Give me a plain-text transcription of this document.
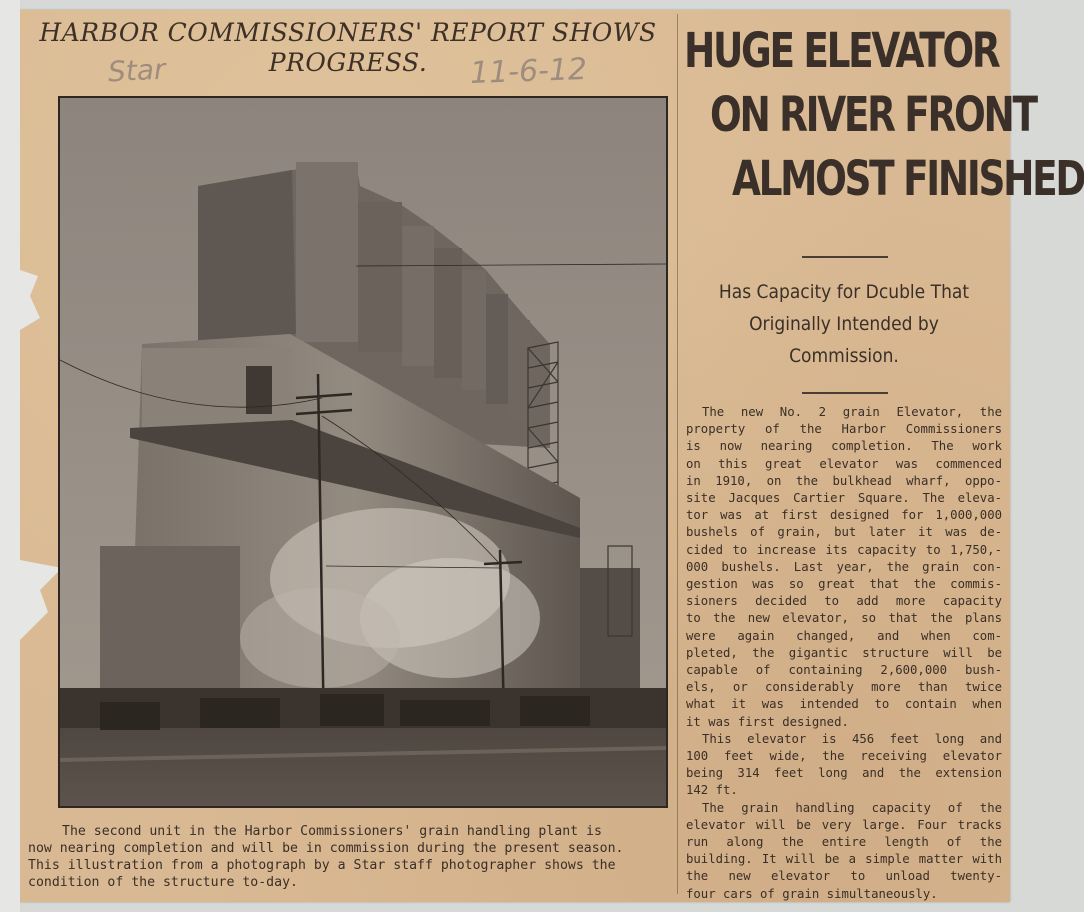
HARBOR COMMISSIONERS' REPORT SHOWS
PROGRESS.
Star	11-6-12
The second unit in the Harbor Commissioners' grain handling plant is
now nearing completion and will be in commission during the present season.
This illustration from a photograph by a Star staff photographer shows the
condition of the structure to-day.
HUGE ELEVATOR
ON RIVER FRONT
ALMOST FINISHED
Has Capacity for Dcuble That
Originally Intended by
Commission.
The new No. 2 grain Elevator, the
property of the Harbor Commissioners
is now nearing completion. The work
on this great elevator was commenced
in 1910, on the bulkhead wharf, oppo-
site Jacques Cartier Square. The eleva-
tor was at first designed for 1,000,000
bushels of grain, but later it was de-
cided to increase its capacity to 1,750,-
000 bushels. Last year, the grain con-
gestion was so great that the commis-
sioners decided to add more capacity
to the new elevator, so that the plans
were again changed, and when com-
pleted, the gigantic structure will be
capable of containing 2,600,000 bush-
els, or considerably more than twice
what it was intended to contain when
it was first designed.
This elevator is 456 feet long and
100 feet wide, the receiving elevator
being 314 feet long and the extension
142 ft.
The grain handling capacity of the
elevator will be very large. Four tracks
run along the entire length of the
building. It will be a simple matter with
the new elevator to unload twenty-
four cars of grain simultaneously.
